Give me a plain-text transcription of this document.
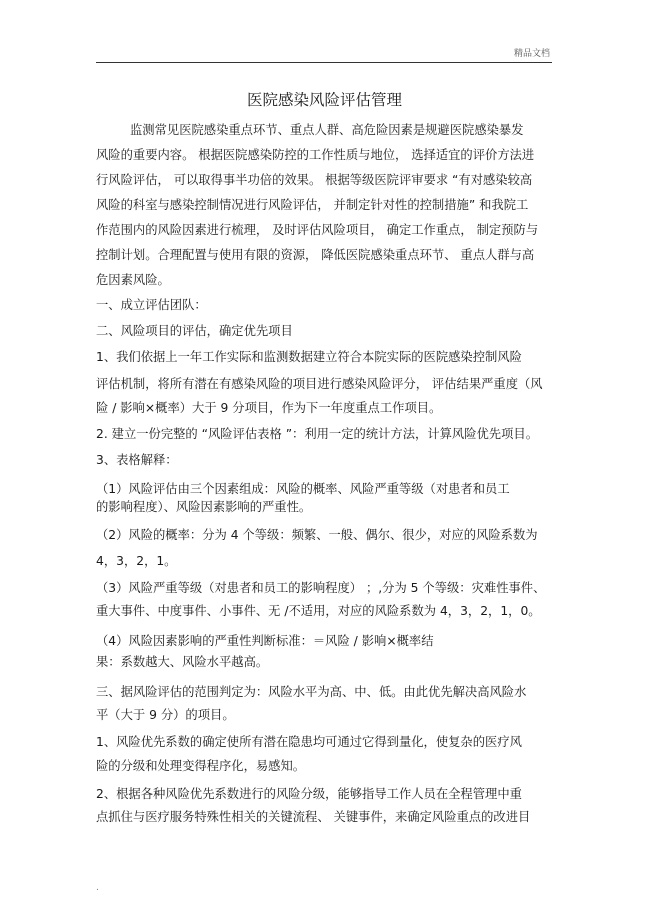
精品文档
医院感染风险评估管理
监测常见医院感染重点环节、重点人群、高危险因素是规避医院感染暴发
风险的重要内容。 根据医院感染防控的工作性质与地位， 选择适宜的评价方法进
行风险评估， 可以取得事半功倍的效果。 根据等级医院评审要求 “有对感染较高
风险的科室与感染控制情况进行风险评估， 并制定针对性的控制措施” 和我院工
作范围内的风险因素进行梳理， 及时评估风险项目， 确定工作重点， 制定预防与
控制计划。合理配置与使用有限的资源， 降低医院感染重点环节、 重点人群与高
危因素风险。
一、成立评估团队：
二、风险项目的评估，确定优先项目
1、我们依据上一年工作实际和监测数据建立符合本院实际的医院感染控制风险
评估机制，将所有潜在有感染风险的项目进行感染风险评分， 评估结果严重度（风
险 / 影响×概率）大于 9 分项目，作为下一年度重点工作项目。
2. 建立一份完整的 “风险评估表格 ”：利用一定的统计方法，计算风险优先项目。
3、表格解释：
（1）风险评估由三个因素组成：风险的概率、风险严重等级（对患者和员工
的影响程度）、风险因素影响的严重性。
（2）风险的概率：分为 4 个等级：频繁、一般、偶尔、很少，对应的风险系数为
4，3，2，1。
（3）风险严重等级（对患者和员工的影响程度） ；,分为 5 个等级：灾难性事件、
重大事件、中度事件、小事件、无 /不适用，对应的风险系数为 4，3，2，1，0。
（4）风险因素影响的严重性判断标准：＝风险 / 影响×概率结
果：系数越大、风险水平越高。
三、据风险评估的范围判定为：风险水平为高、中、低。由此优先解决高风险水
平（大于 9 分）的项目。
1、风险优先系数的确定使所有潜在隐患均可通过它得到量化，使复杂的医疗风
险的分级和处理变得程序化，易感知。
2、根据各种风险优先系数进行的风险分级，能够指导工作人员在全程管理中重
点抓住与医疗服务特殊性相关的关键流程、 关键事件，来确定风险重点的改进目
.
